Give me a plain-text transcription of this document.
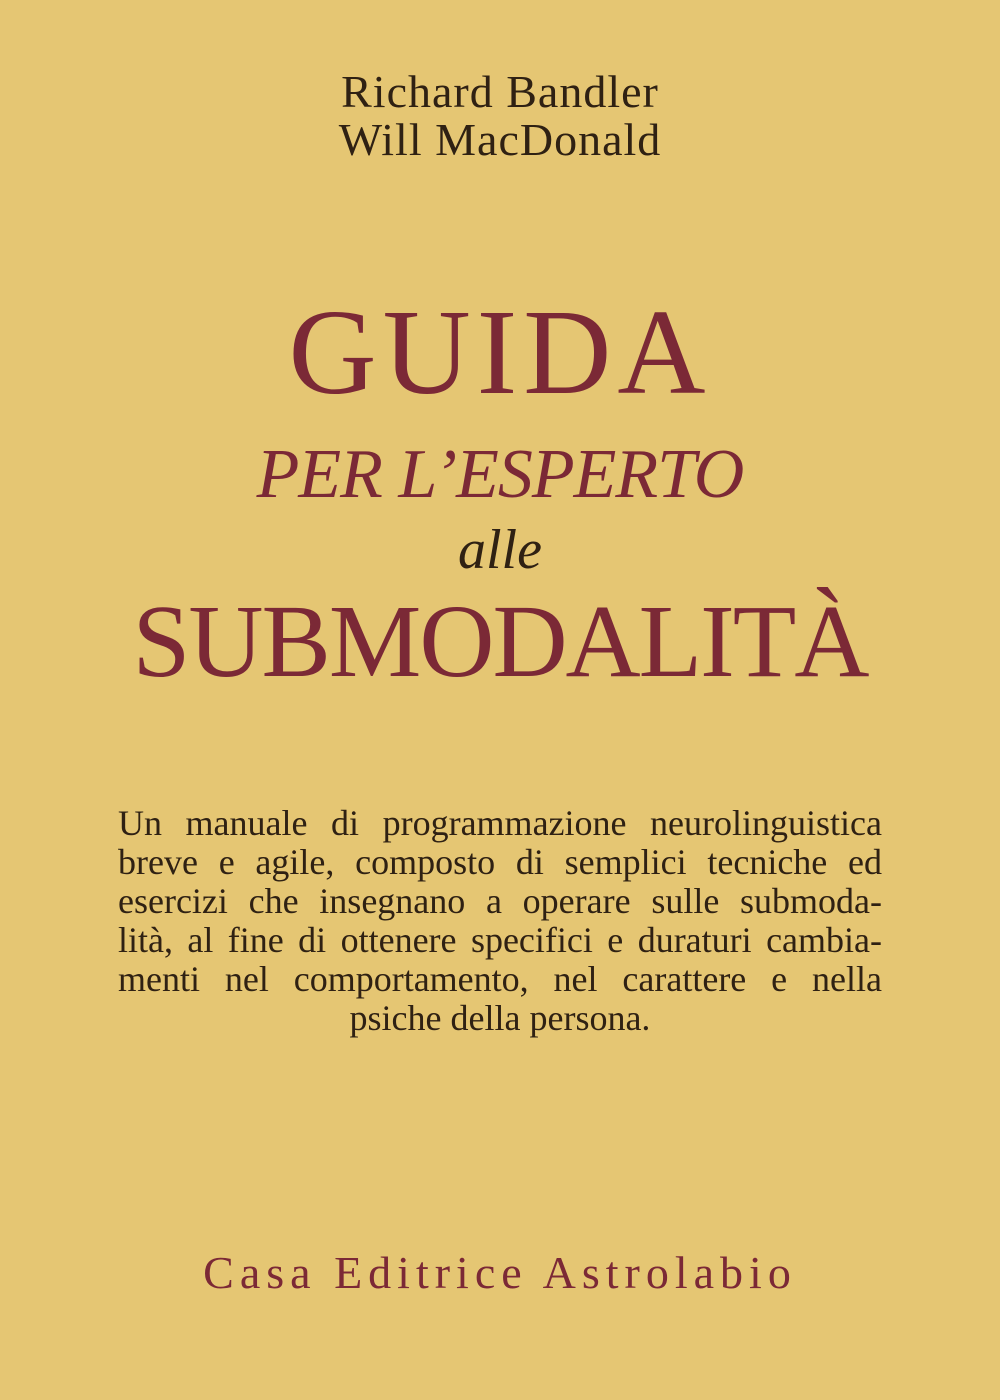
Richard Bandler
Will MacDonald
GUIDA
PER L’ESPERTO
alle
SUBMODALITÀ
Un manuale di programmazione neurolinguistica
breve e agile, composto di semplici tecniche ed
esercizi che insegnano a operare sulle submoda-
lità, al fine di ottenere specifici e duraturi cambia-
menti nel comportamento, nel carattere e nella
psiche della persona.
Casa Editrice Astrolabio
